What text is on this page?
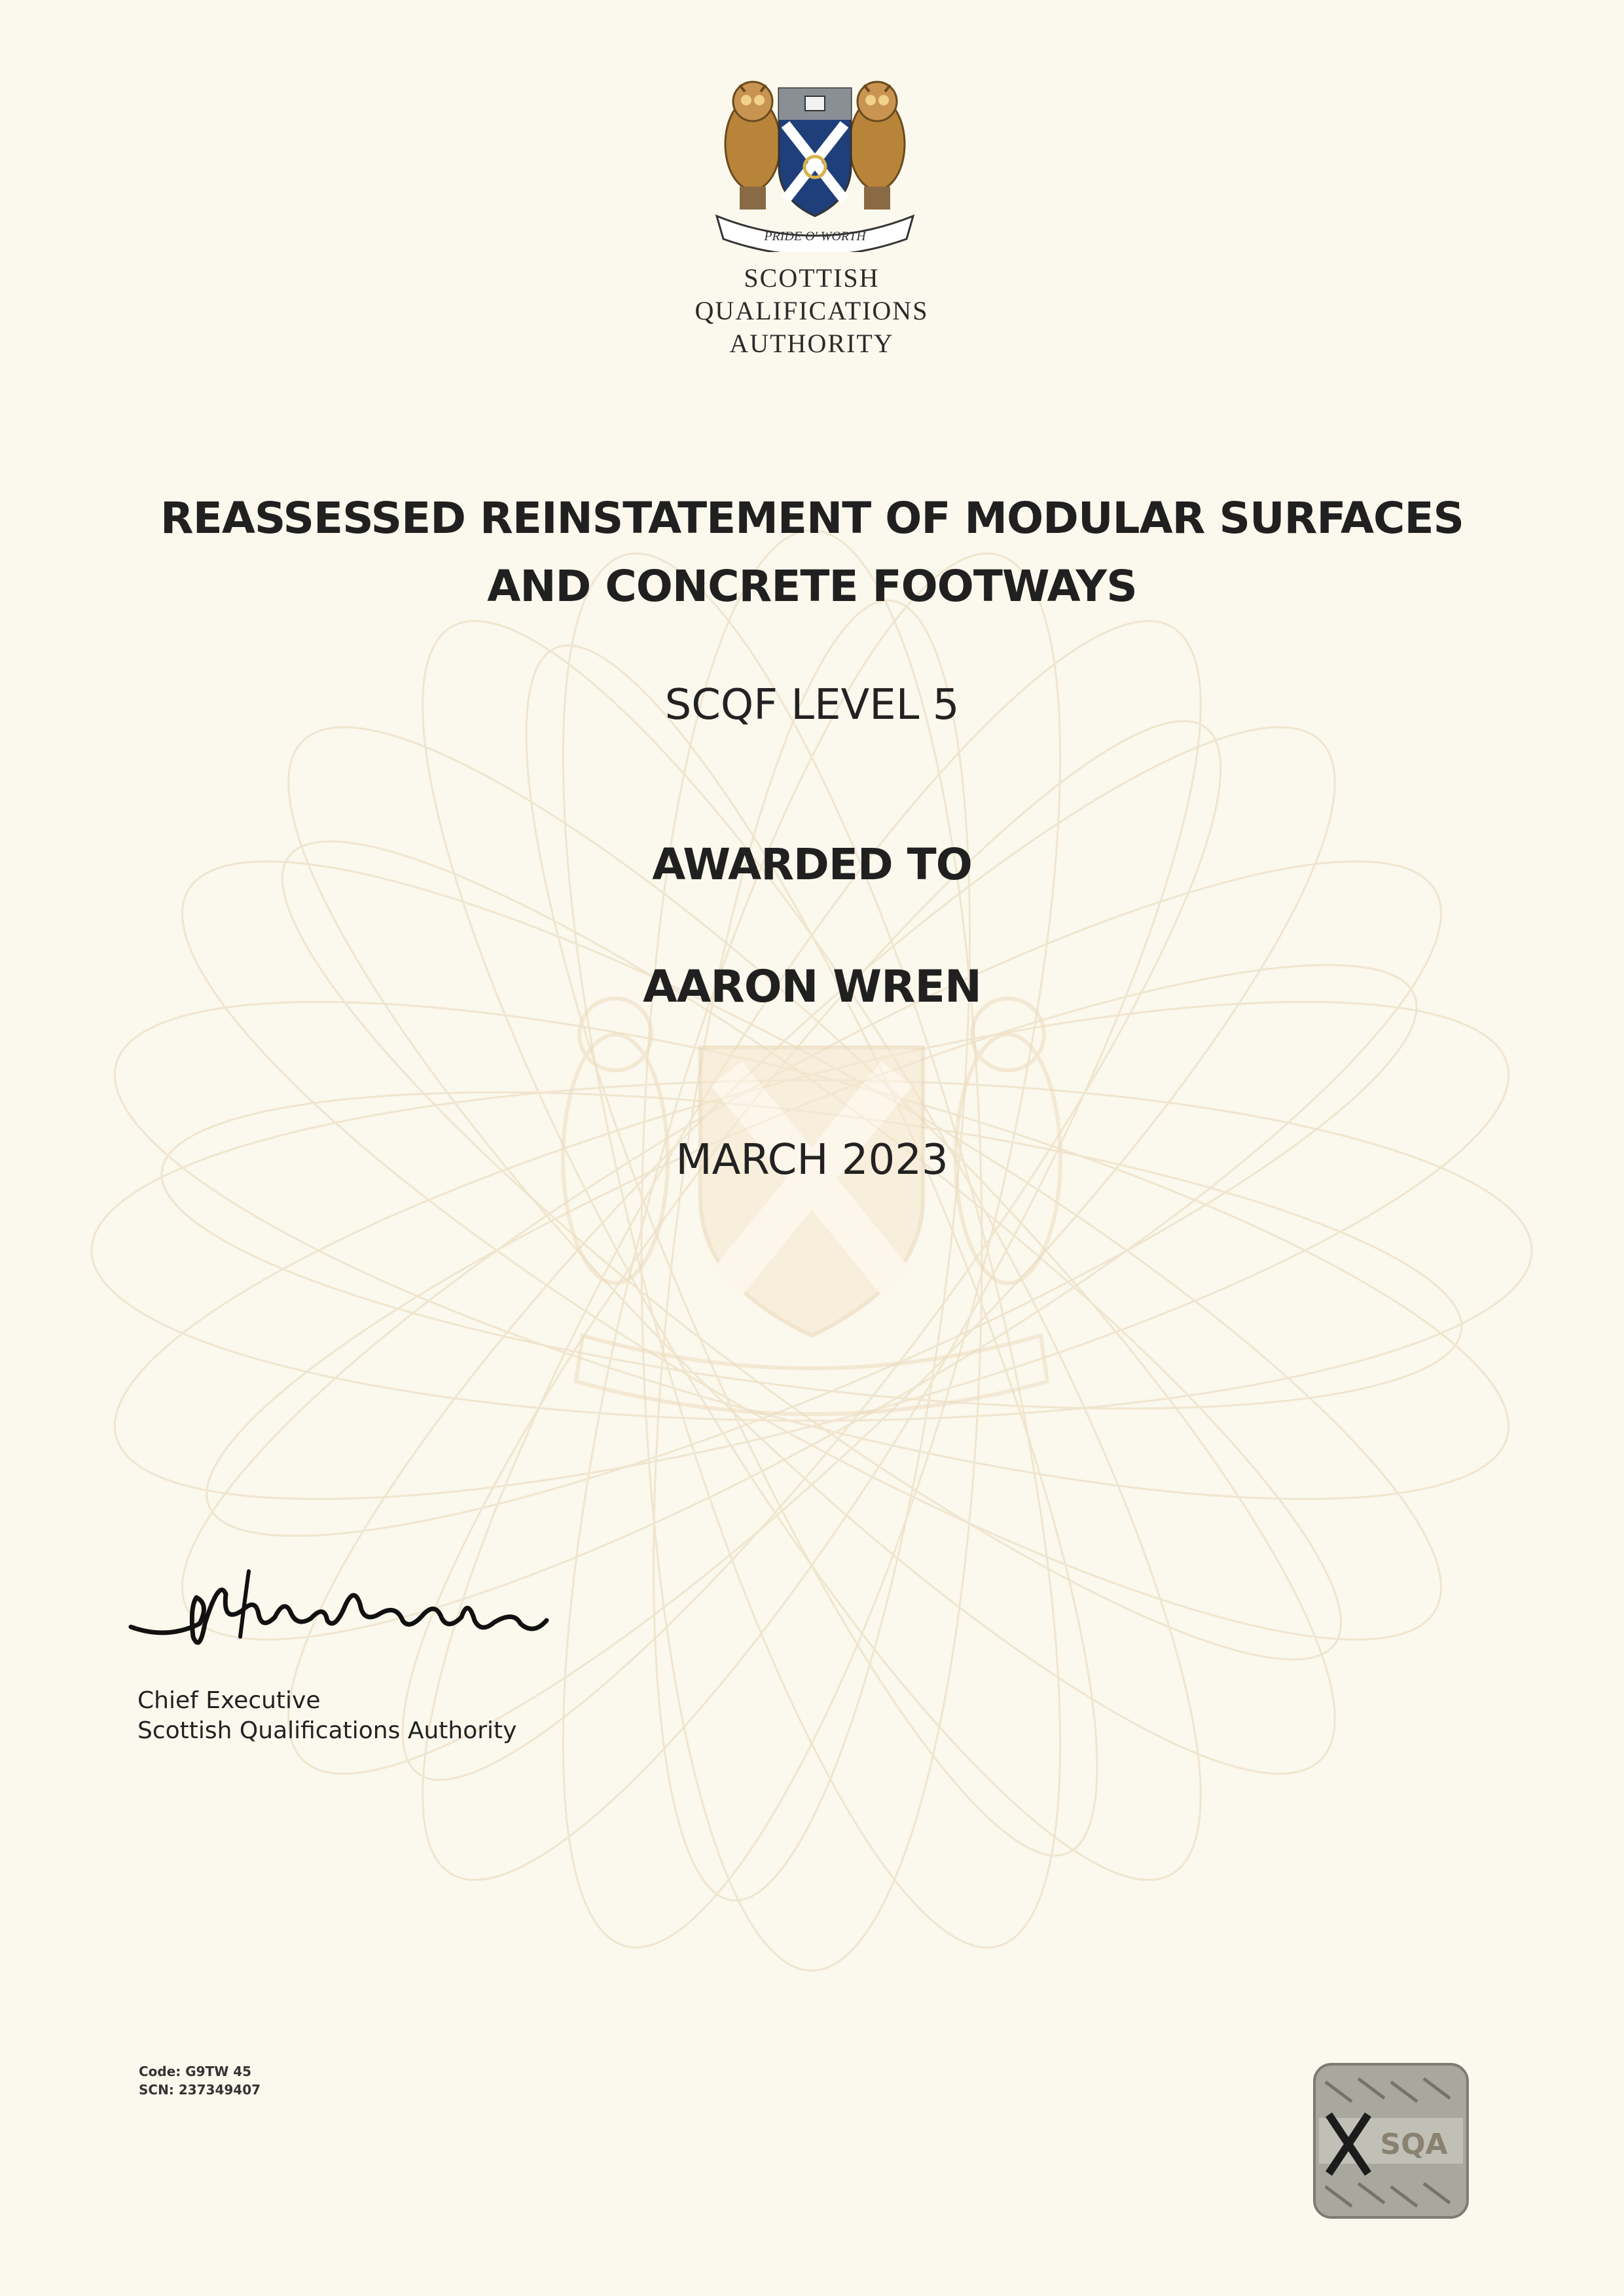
PRIDE O' WORTH
SCOTTISH
QUALIFICATIONS
AUTHORITY
REASSESSED REINSTATEMENT OF MODULAR SURFACES
AND CONCRETE FOOTWAYS
SCQF LEVEL 5
AWARDED TO
AARON WREN
MARCH 2023
Chief Executive
Scottish Qualifications Authority
Code: G9TW 45
SCN: 237349407
SQA
